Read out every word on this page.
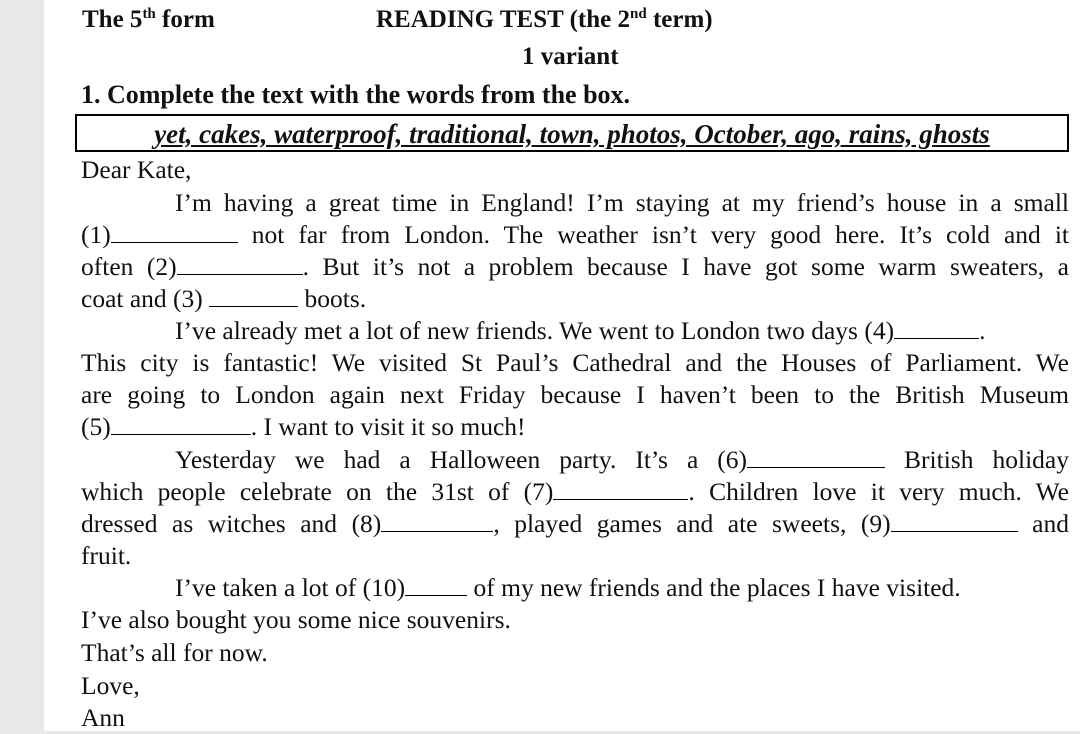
The 5th form	READING TEST (the 2nd term)
1 variant
1. Complete the text with the words from the box.
yet, cakes, waterproof, traditional, town, photos, October, ago, rains, ghosts
Dear Kate,
I’m having a great time in England! I’m staying at my friend’s house in a small
(1)	not far from London. The weather isn’t very good here. It’s cold and it
often (2)	. But it’s not a problem because I have got some warm sweaters, a
coat and (3)	boots.
I’ve already met a lot of new friends. We went to London two days (4)	.
This city is fantastic! We visited St Paul’s Cathedral and the Houses of Parliament. We
are going to London again next Friday because I haven’t been to the British Museum
(5)	. I want to visit it so much!
Yesterday we had a Halloween party. It’s a (6)	British holiday
which people celebrate on the 31st of (7)	. Children love it very much. We
dressed as witches and (8)	, played games and ate sweets, (9)	and
fruit.
I’ve taken a lot of (10) of my new friends and the places I have visited.
I’ve also bought you some nice souvenirs.
That’s all for now.
Love,
Ann
